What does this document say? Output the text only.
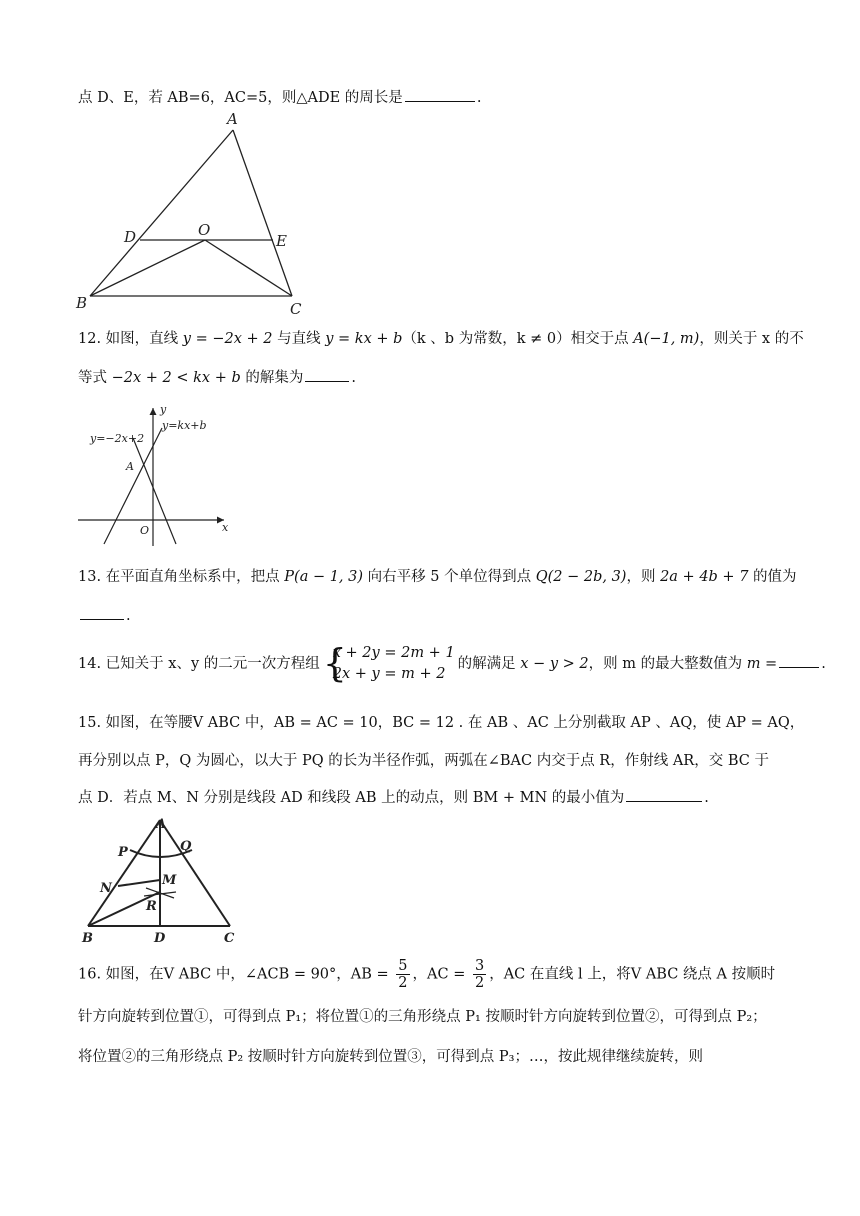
点 D、E，若 AB=6，AC=5，则△ADE 的周长是	.
A
B	C
D	E
O
12. 如图，直线 y = −2x + 2 与直线 y = kx + b（k 、b 为常数，k ≠ 0）相交于点 A(−1, m)，则关于 x 的不
等式 −2x + 2 < kx + b 的解集为	.
y
x
O
A
y=−2x+2
y=kx+b
13. 在平面直角坐标系中，把点 P(a − 1, 3) 向右平移 5 个单位得到点 Q(2 − 2b, 3)，则 2a + 4b + 7 的值为
.
14. 已知关于 x、y 的二元一次方程组 {
x + 2y = 2m + 1
2x + y = m + 2
的解满足 x − y > 2，则 m 的最大整数值为 m =	.
15. 如图，在等腰V ABC 中，AB = AC = 10，BC = 12 . 在 AB 、AC 上分别截取 AP 、AQ，使 AP = AQ，
再分别以点 P，Q 为圆心，以大于 PQ 的长为半径作弧，两弧在∠BAC 内交于点 R，作射线 AR，交 BC 于
点 D．若点 M、N 分别是线段 AD 和线段 AB 上的动点，则 BM + MN 的最小值为	.
A
B	C
D
P	Q
M
N
R
16. 如图，在V ABC 中，∠ACB = 90°，AB = $\frac{5}{2}$ ，AC = $\frac{3}{2}$ ，AC 在直线 l 上，将V ABC 绕点 A 按顺时
针方向旋转到位置①，可得到点 P₁；将位置①的三角形绕点 P₁ 按顺时针方向旋转到位置②，可得到点 P₂；
将位置②的三角形绕点 P₂ 按顺时针方向旋转到位置③，可得到点 P₃；…，按此规律继续旋转，则
